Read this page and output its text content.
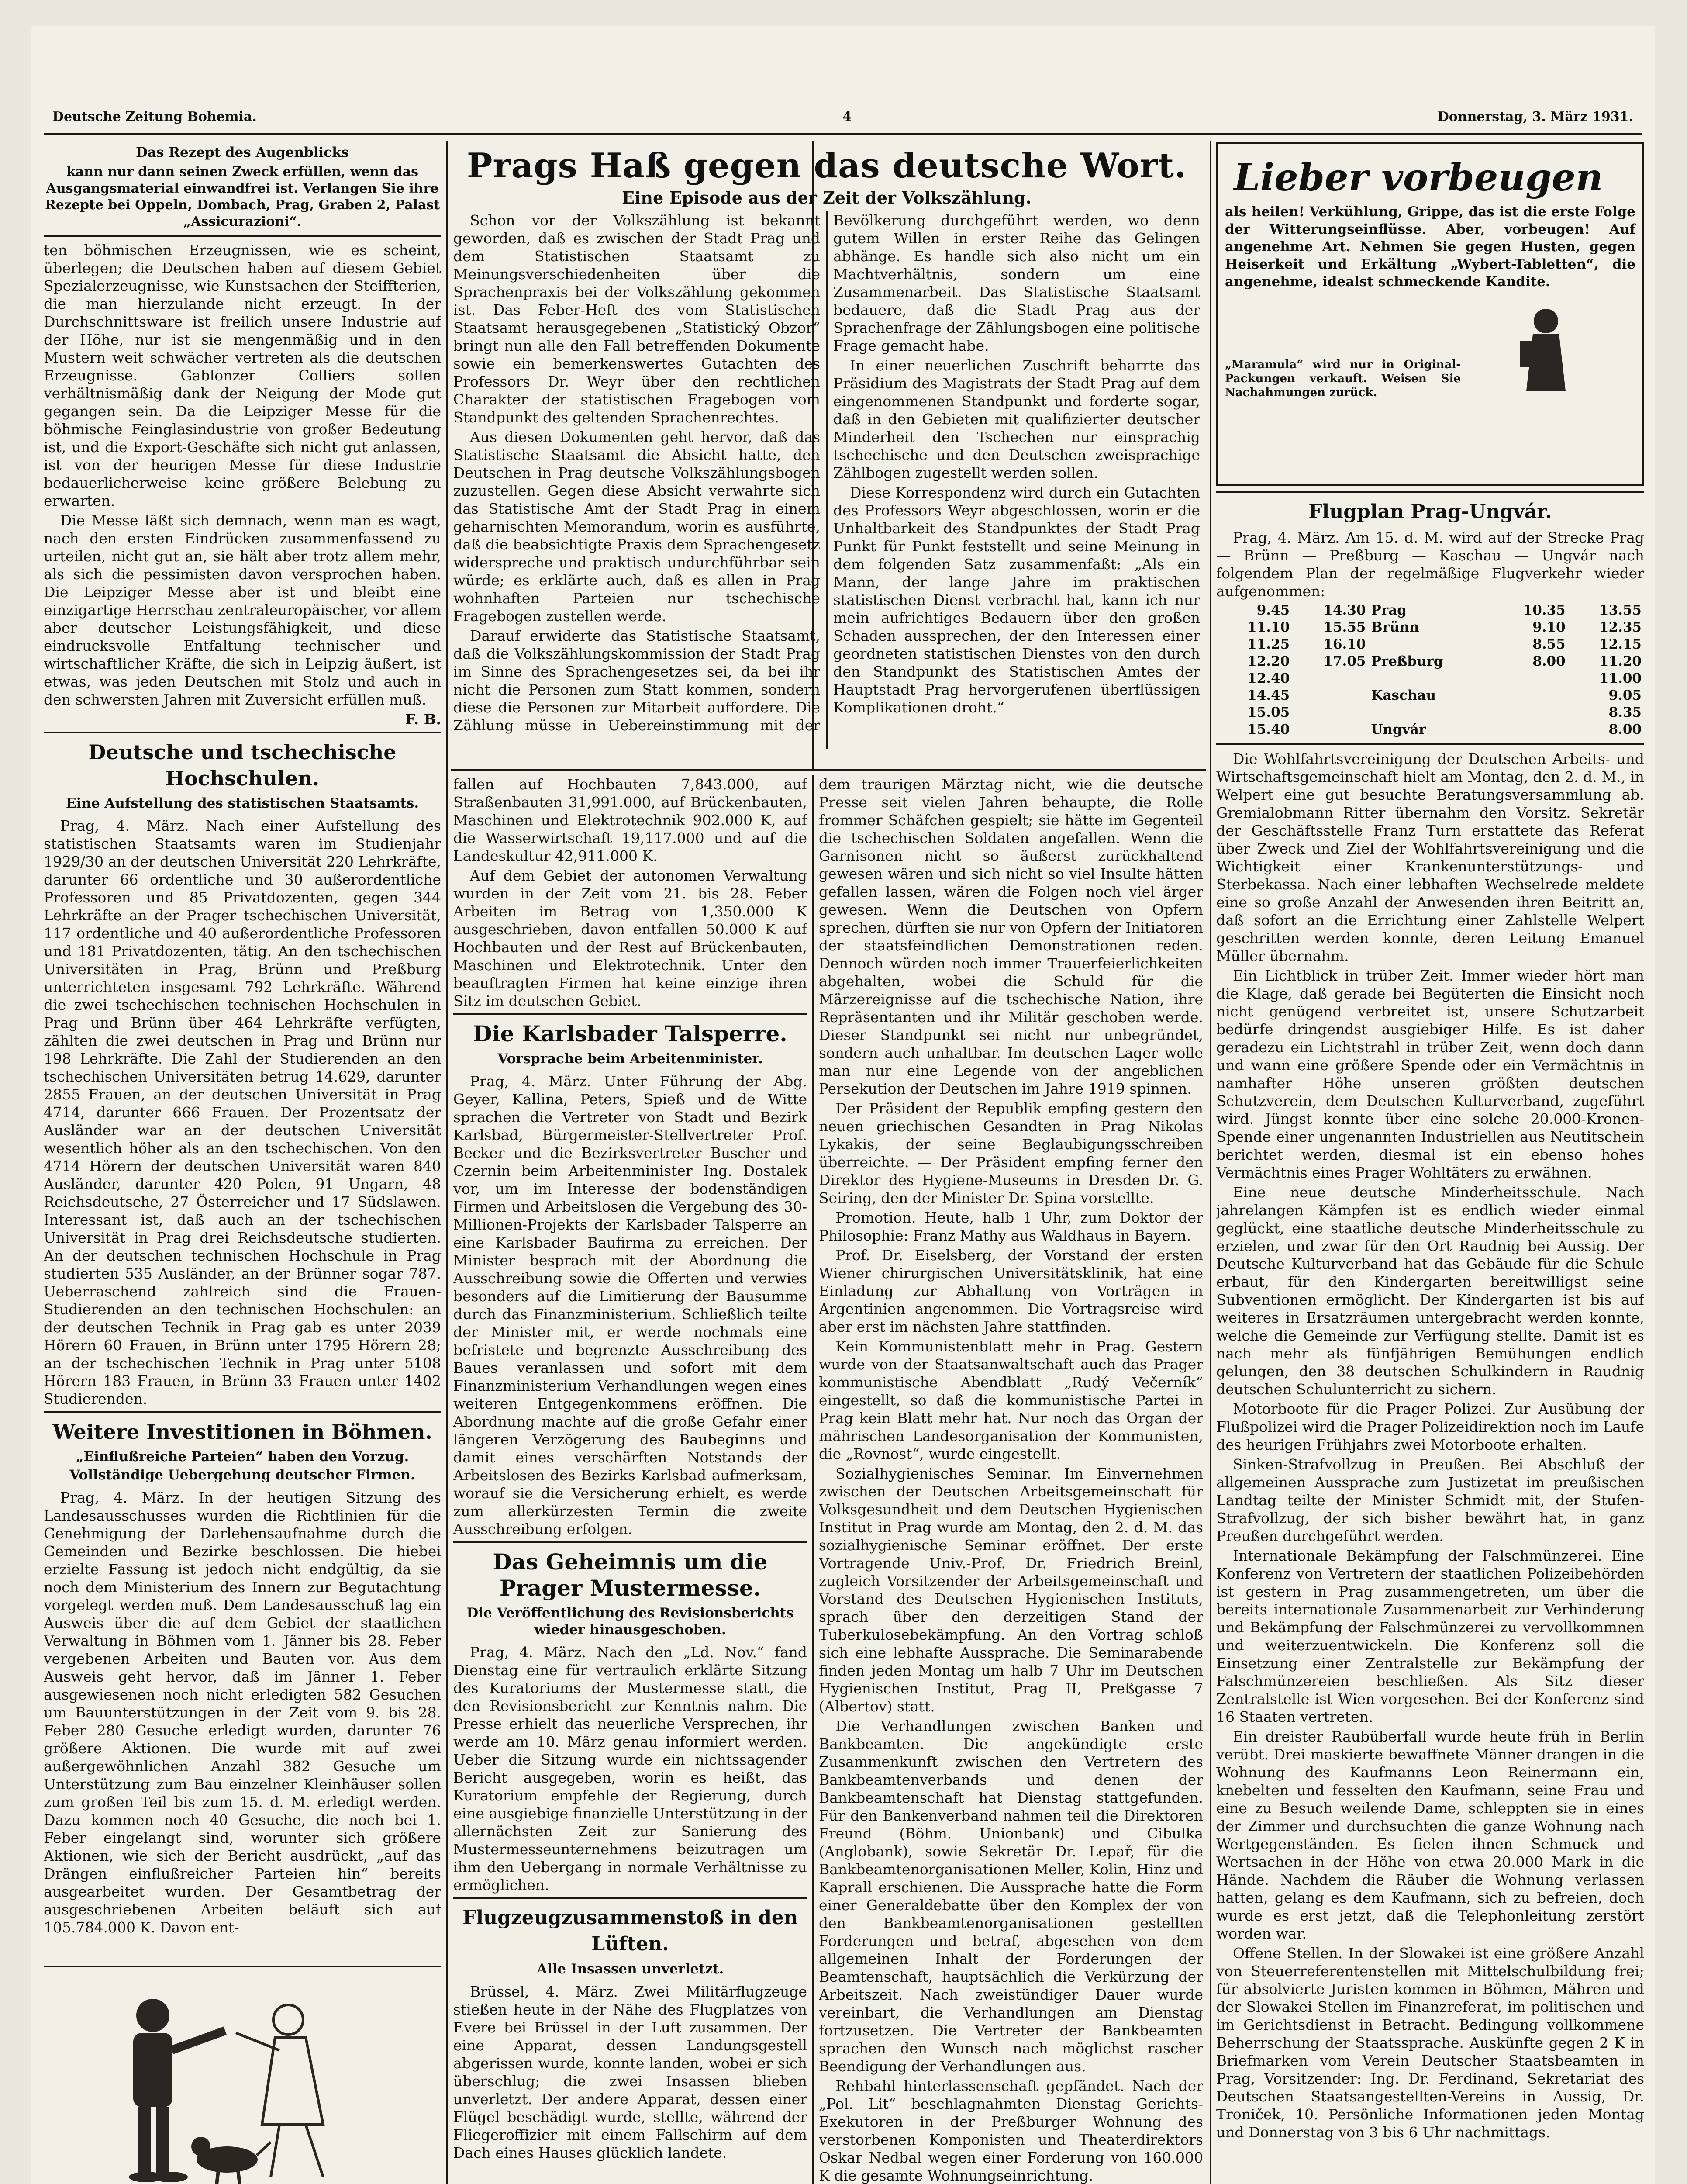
Deutsche Zeitung Bohemia.	4	Donnerstag, 3. März 1931.
Das Rezept des Augenblicks
kann nur dann seinen Zweck erfüllen, wenn das Ausgangsmaterial einwandfrei ist. Verlangen Sie ihre Rezepte bei Oppeln, Dombach, Prag, Graben 2, Palast „Assicurazioni“.

ten böhmischen Erzeugnissen, wie es scheint, überlegen; die Deutschen haben auf diesem Gebiet Spezialerzeugnisse, wie Kunstsachen der Steiffterien, die man hierzulande nicht erzeugt. In der Durchschnittsware ist freilich unsere Industrie auf der Höhe, nur ist sie mengenmäßig und in den Mustern weit schwächer vertreten als die deutschen Erzeugnisse. Gablonzer Colliers sollen verhältnismäßig dank der Neigung der Mode gut gegangen sein. Da die Leipziger Messe für die böhmische Feinglasindustrie von großer Bedeutung ist, und die Export-Geschäfte sich nicht gut anlassen, ist von der heurigen Messe für diese Industrie bedauerlicherweise keine größere Belebung zu erwarten.

Die Messe läßt sich demnach, wenn man es wagt, nach den ersten Eindrücken zusammenfassend zu urteilen, nicht gut an, sie hält aber trotz allem mehr, als sich die pessimisten davon versprochen haben. Die Leipziger Messe aber ist und bleibt eine einzigartige Herrschau zentraleuropäischer, vor allem aber deutscher Leistungsfähigkeit, und diese eindrucksvolle Entfaltung technischer und wirtschaftlicher Kräfte, die sich in Leipzig äußert, ist etwas, was jeden Deutschen mit Stolz und auch in den schwersten Jahren mit Zuversicht erfüllen muß.

F. B.
Deutsche und tschechische Hochschulen.
Eine Aufstellung des statistischen Staatsamts.

Prag, 4. März. Nach einer Aufstellung des statistischen Staatsamts waren im Studienjahr 1929/30 an der deutschen Universität 220 Lehrkräfte, darunter 66 ordentliche und 30 außerordentliche Professoren und 85 Privatdozenten, gegen 344 Lehrkräfte an der Prager tschechischen Universität, 117 ordentliche und 40 außerordentliche Professoren und 181 Privatdozenten, tätig. An den tschechischen Universitäten in Prag, Brünn und Preßburg unterrichteten insgesamt 792 Lehrkräfte. Während die zwei tschechischen technischen Hochschulen in Prag und Brünn über 464 Lehrkräfte verfügten, zählten die zwei deutschen in Prag und Brünn nur 198 Lehrkräfte. Die Zahl der Studierenden an den tschechischen Universitäten betrug 14.629, darunter 2855 Frauen, an der deutschen Universität in Prag 4714, darunter 666 Frauen. Der Prozentsatz der Ausländer war an der deutschen Universität wesentlich höher als an den tschechischen. Von den 4714 Hörern der deutschen Universität waren 840 Ausländer, darunter 420 Polen, 91 Ungarn, 48 Reichsdeutsche, 27 Österreicher und 17 Südslawen. Interessant ist, daß auch an der tschechischen Universität in Prag drei Reichsdeutsche studierten. An der deutschen technischen Hochschule in Prag studierten 535 Ausländer, an der Brünner sogar 787. Ueberraschend zahlreich sind die Frauen-Studierenden an den technischen Hochschulen: an der deutschen Technik in Prag gab es unter 2039 Hörern 60 Frauen, in Brünn unter 1795 Hörern 28; an der tschechischen Technik in Prag unter 5108 Hörern 183 Frauen, in Brünn 33 Frauen unter 1402 Studierenden.

Weitere Investitionen in Böhmen.
„Einflußreiche Parteien“ haben den Vorzug.
Vollständige Uebergehung deutscher Firmen.

Prag, 4. März. In der heutigen Sitzung des Landesausschusses wurden die Richtlinien für die Genehmigung der Darlehensaufnahme durch die Gemeinden und Bezirke beschlossen. Die hiebei erzielte Fassung ist jedoch nicht endgültig, da sie noch dem Ministerium des Innern zur Begutachtung vorgelegt werden muß. Dem Landesausschuß lag ein Ausweis über die auf dem Gebiet der staatlichen Verwaltung in Böhmen vom 1. Jänner bis 28. Feber vergebenen Arbeiten und Bauten vor. Aus dem Ausweis geht hervor, daß im Jänner 1. Feber ausgewiesenen noch nicht erledigten 582 Gesuchen um Bauunterstützungen in der Zeit vom 9. bis 28. Feber 280 Gesuche erledigt wurden, darunter 76 größere Aktionen. Die wurde mit auf zwei außergewöhnlichen Anzahl 382 Gesuche um Unterstützung zum Bau einzelner Kleinhäuser sollen zum großen Teil bis zum 15. d. M. erledigt werden. Dazu kommen noch 40 Gesuche, die noch bei 1. Feber eingelangt sind, worunter sich größere Aktionen, wie sich der Bericht ausdrückt, „auf das Drängen einflußreicher Parteien hin“ bereits ausgearbeitet wurden. Der Gesamtbetrag der ausgeschriebenen Arbeiten beläuft sich auf 105.784.000 K. Davon ent-

Prags Haß gegen das deutsche Wort.
Eine Episode aus der Zeit der Volkszählung.

Schon vor der Volkszählung ist bekannt geworden, daß es zwischen der Stadt Prag und dem Statistischen Staatsamt zu Meinungsverschiedenheiten über die Sprachenpraxis bei der Volkszählung gekommen ist. Das Feber-Heft des vom Statistischen Staatsamt herausgegebenen „Statistický Obzor“ bringt nun alle den Fall betreffenden Dokumente sowie ein bemerkenswertes Gutachten des Professors Dr. Weyr über den rechtlichen Charakter der statistischen Fragebogen vom Standpunkt des geltenden Sprachenrechtes.

Aus diesen Dokumenten geht hervor, daß das Statistische Staatsamt die Absicht hatte, den Deutschen in Prag deutsche Volkszählungsbogen zuzustellen. Gegen diese Absicht verwahrte sich das Statistische Amt der Stadt Prag in einem geharnischten Memorandum, worin es ausführte, daß die beabsichtigte Praxis dem Sprachengesetz widerspreche und praktisch undurchführbar sein würde; es erklärte auch, daß es allen in Prag wohnhaften Parteien nur tschechische Fragebogen zustellen werde.

Darauf erwiderte das Statistische Staatsamt, daß die Volkszählungskommission der Stadt Prag im Sinne des Sprachengesetzes sei, da bei ihr nicht die Personen zum Statt kommen, sondern diese die Personen zur Mitarbeit auffordere. Die Zählung müsse in Uebereinstimmung mit der Bevölkerung durchgeführt werden, wo denn gutem Willen in erster Reihe das Gelingen abhänge. Es handle sich also nicht um ein Machtverhältnis, sondern um eine Zusammenarbeit. Das Statistische Staatsamt bedauere, daß die Stadt Prag aus der Sprachenfrage der Zählungsbogen eine politische Frage gemacht habe.

In einer neuerlichen Zuschrift beharrte das Präsidium des Magistrats der Stadt Prag auf dem eingenommenen Standpunkt und forderte sogar, daß in den Gebieten mit qualifizierter deutscher Minderheit den Tschechen nur einsprachig tschechische und den Deutschen zweisprachige Zählbogen zugestellt werden sollen.

Diese Korrespondenz wird durch ein Gutachten des Professors Weyr abgeschlossen, worin er die Unhaltbarkeit des Standpunktes der Stadt Prag Punkt für Punkt feststellt und seine Meinung in dem folgenden Satz zusammenfaßt: „Als ein Mann, der lange Jahre im praktischen statistischen Dienst verbracht hat, kann ich nur mein aufrichtiges Bedauern über den großen Schaden aussprechen, der den Interessen einer geordneten statistischen Dienstes von den durch den Standpunkt des Statistischen Amtes der Hauptstadt Prag hervorgerufenen überflüssigen Komplikationen droht.“

fallen auf Hochbauten 7,843.000, auf Straßenbauten 31,991.000, auf Brückenbauten, Maschinen und Elektrotechnik 902.000 K, auf die Wasserwirtschaft 19,117.000 und auf die Landeskultur 42,911.000 K.

Auf dem Gebiet der autonomen Verwaltung wurden in der Zeit vom 21. bis 28. Feber Arbeiten im Betrag von 1,350.000 K ausgeschrieben, davon entfallen 50.000 K auf Hochbauten und der Rest auf Brückenbauten, Maschinen und Elektrotechnik. Unter den beauftragten Firmen hat keine einzige ihren Sitz im deutschen Gebiet.

Die Karlsbader Talsperre.
Vorsprache beim Arbeitenminister.

Prag, 4. März. Unter Führung der Abg. Geyer, Kallina, Peters, Spieß und de Witte sprachen die Vertreter von Stadt und Bezirk Karlsbad, Bürgermeister-Stellvertreter Prof. Becker und die Bezirksvertreter Buscher und Czernin beim Arbeitenminister Ing. Dostalek vor, um im Interesse der bodenständigen Firmen und Arbeitslosen die Vergebung des 30-Millionen-Projekts der Karlsbader Talsperre an eine Karlsbader Baufirma zu erreichen. Der Minister besprach mit der Abordnung die Ausschreibung sowie die Offerten und verwies besonders auf die Limitierung der Bausumme durch das Finanzministerium. Schließlich teilte der Minister mit, er werde nochmals eine befristete und begrenzte Ausschreibung des Baues veranlassen und sofort mit dem Finanzministerium Verhandlungen wegen eines weiteren Entgegenkommens eröffnen. Die Abordnung machte auf die große Gefahr einer längeren Verzögerung des Baubeginns und damit eines verschärften Notstands der Arbeitslosen des Bezirks Karlsbad aufmerksam, worauf sie die Versicherung erhielt, es werde zum allerkürzesten Termin die zweite Ausschreibung erfolgen.

Das Geheimnis um die Prager Mustermesse.
Die Veröffentlichung des Revisionsberichts wieder hinausgeschoben.

Prag, 4. März. Nach den „Ld. Nov.“ fand Dienstag eine für vertraulich erklärte Sitzung des Kuratoriums der Mustermesse statt, die den Revisionsbericht zur Kenntnis nahm. Die Presse erhielt das neuerliche Versprechen, ihr werde am 10. März genau informiert werden. Ueber die Sitzung wurde ein nichtssagender Bericht ausgegeben, worin es heißt, das Kuratorium empfehle der Regierung, durch eine ausgiebige finanzielle Unterstützung in der allernächsten Zeit zur Sanierung des Mustermesseunternehmens beizutragen um ihm den Uebergang in normale Verhältnisse zu ermöglichen.

Flugzeugzusammenstoß in den Lüften.
Alle Insassen unverletzt.

Brüssel, 4. März. Zwei Militärflugzeuge stießen heute in der Nähe des Flugplatzes von Evere bei Brüssel in der Luft zusammen. Der eine Apparat, dessen Landungsgestell abgerissen wurde, konnte landen, wobei er sich überschlug; die zwei Insassen blieben unverletzt. Der andere Apparat, dessen einer Flügel beschädigt wurde, stellte, während der Fliegeroffizier mit einem Fallschirm auf dem Dach eines Hauses glücklich landete.

dem traurigen Märztag nicht, wie die deutsche Presse seit vielen Jahren behaupte, die Rolle frommer Schäfchen gespielt; sie hätte im Gegenteil die tschechischen Soldaten angefallen. Wenn die Garnisonen nicht so äußerst zurückhaltend gewesen wären und sich nicht so viel Insulte hätten gefallen lassen, wären die Folgen noch viel ärger gewesen. Wenn die Deutschen von Opfern sprechen, dürften sie nur von Opfern der Initiatoren der staatsfeindlichen Demonstrationen reden. Dennoch würden noch immer Trauerfeierlichkeiten abgehalten, wobei die Schuld für die Märzereignisse auf die tschechische Nation, ihre Repräsentanten und ihr Militär geschoben werde. Dieser Standpunkt sei nicht nur unbegründet, sondern auch unhaltbar. Im deutschen Lager wolle man nur eine Legende von der angeblichen Persekution der Deutschen im Jahre 1919 spinnen.

Der Präsident der Republik empfing gestern den neuen griechischen Gesandten in Prag Nikolas Lykakis, der seine Beglaubigungsschreiben überreichte. — Der Präsident empfing ferner den Direktor des Hygiene-Museums in Dresden Dr. G. Seiring, den der Minister Dr. Spina vorstellte.

Promotion. Heute, halb 1 Uhr, zum Doktor der Philosophie: Franz Mathy aus Waldhaus in Bayern.

Prof. Dr. Eiselsberg, der Vorstand der ersten Wiener chirurgischen Universitätsklinik, hat eine Einladung zur Abhaltung von Vorträgen in Argentinien angenommen. Die Vortragsreise wird aber erst im nächsten Jahre stattfinden.

Kein Kommunistenblatt mehr in Prag. Gestern wurde von der Staatsanwaltschaft auch das Prager kommunistische Abendblatt „Rudý Večerník“ eingestellt, so daß die kommunistische Partei in Prag kein Blatt mehr hat. Nur noch das Organ der mährischen Landesorganisation der Kommunisten, die „Rovnost“, wurde eingestellt.

Sozialhygienisches Seminar. Im Einvernehmen zwischen der Deutschen Arbeitsgemeinschaft für Volksgesundheit und dem Deutschen Hygienischen Institut in Prag wurde am Montag, den 2. d. M. das sozialhygienische Seminar eröffnet. Der erste Vortragende Univ.-Prof. Dr. Friedrich Breinl, zugleich Vorsitzender der Arbeitsgemeinschaft und Vorstand des Deutschen Hygienischen Instituts, sprach über den derzeitigen Stand der Tuberkulosebekämpfung. An den Vortrag schloß sich eine lebhafte Aussprache. Die Seminarabende finden jeden Montag um halb 7 Uhr im Deutschen Hygienischen Institut, Prag II, Preßgasse 7 (Albertov) statt.

Die Verhandlungen zwischen Banken und Bankbeamten. Die angekündigte erste Zusammenkunft zwischen den Vertretern des Bankbeamtenverbands und denen der Bankbeamtenschaft hat Dienstag stattgefunden. Für den Bankenverband nahmen teil die Direktoren Freund (Böhm. Unionbank) und Cibulka (Anglobank), sowie Sekretär Dr. Lepař, für die Bankbeamtenorganisationen Meller, Kolin, Hinz und Kaprall erschienen. Die Aussprache hatte die Form einer Generaldebatte über den Komplex der von den Bankbeamtenorganisationen gestellten Forderungen und betraf, abgesehen von dem allgemeinen Inhalt der Forderungen der Beamtenschaft, hauptsächlich die Verkürzung der Arbeitszeit. Nach zweistündiger Dauer wurde vereinbart, die Verhandlungen am Dienstag fortzusetzen. Die Vertreter der Bankbeamten sprachen den Wunsch nach möglichst rascher Beendigung der Verhandlungen aus.

Rehbahl hinterlassenschaft gepfändet. Nach der „Pol. Lit“ beschlagnahmten Dienstag Gerichts-Exekutoren in der Preßburger Wohnung des verstorbenen Komponisten und Theaterdirektors Oskar Nedbal wegen einer Forderung von 160.000 K die gesamte Wohnungseinrichtung.

Lieber vorbeugen
als heilen! Verkühlung, Grippe, das ist die erste Folge der Witterungseinflüsse. Aber, vorbeugen! Auf angenehme Art. Nehmen Sie gegen Husten, gegen Heiserkeit und Erkältung „Wybert-Tabletten“, die angenehme, idealst schmeckende Kandite.
„Maramula“ wird nur in Original-Packungen verkauft. Weisen Sie Nachahmungen zurück.
Flugplan Prag-Ungvár.

Prag, 4. März. Am 15. d. M. wird auf der Strecke Prag — Brünn — Preßburg — Kaschau — Ungvár nach folgendem Plan der regelmäßige Flugverkehr wieder aufgenommen:

9.45	14.30	Prag	10.35	13.55
11.10	15.55	Brünn	9.10	12.35
11.25	16.10		8.55	12.15
12.20	17.05	Preßburg	8.00	11.20
12.40				11.00
14.45		Kaschau		9.05
15.05				8.35
15.40		Ungvár		8.00

Die Wohlfahrtsvereinigung der Deutschen Arbeits- und Wirtschaftsgemeinschaft hielt am Montag, den 2. d. M., in Welpert eine gut besuchte Beratungsversammlung ab. Gremialobmann Ritter übernahm den Vorsitz. Sekretär der Geschäftsstelle Franz Turn erstattete das Referat über Zweck und Ziel der Wohlfahrtsvereinigung und die Wichtigkeit einer Krankenunterstützungs- und Sterbekassa. Nach einer lebhaften Wechselrede meldete eine so große Anzahl der Anwesenden ihren Beitritt an, daß sofort an die Errichtung einer Zahlstelle Welpert geschritten werden konnte, deren Leitung Emanuel Müller übernahm.

Ein Lichtblick in trüber Zeit. Immer wieder hört man die Klage, daß gerade bei Begüterten die Einsicht noch nicht genügend verbreitet ist, unsere Schutzarbeit bedürfe dringendst ausgiebiger Hilfe. Es ist daher geradezu ein Lichtstrahl in trüber Zeit, wenn doch dann und wann eine größere Spende oder ein Vermächtnis in namhafter Höhe unseren größten deutschen Schutzverein, dem Deutschen Kulturverband, zugeführt wird. Jüngst konnte über eine solche 20.000-Kronen-Spende einer ungenannten Industriellen aus Neutitschein berichtet werden, diesmal ist ein ebenso hohes Vermächtnis eines Prager Wohltäters zu erwähnen.

Eine neue deutsche Minderheitsschule. Nach jahrelangen Kämpfen ist es endlich wieder einmal geglückt, eine staatliche deutsche Minderheitsschule zu erzielen, und zwar für den Ort Raudnig bei Aussig. Der Deutsche Kulturverband hat das Gebäude für die Schule erbaut, für den Kindergarten bereitwilligst seine Subventionen ermöglicht. Der Kindergarten ist bis auf weiteres in Ersatzräumen untergebracht werden konnte, welche die Gemeinde zur Verfügung stellte. Damit ist es nach mehr als fünfjährigen Bemühungen endlich gelungen, den 38 deutschen Schulkindern in Raudnig deutschen Schulunterricht zu sichern.

Motorboote für die Prager Polizei. Zur Ausübung der Flußpolizei wird die Prager Polizeidirektion noch im Laufe des heurigen Frühjahrs zwei Motorboote erhalten.

Sinken-Strafvollzug in Preußen. Bei Abschluß der allgemeinen Aussprache zum Justizetat im preußischen Landtag teilte der Minister Schmidt mit, der Stufen-Strafvollzug, der sich bisher bewährt hat, in ganz Preußen durchgeführt werden.

Internationale Bekämpfung der Falschmünzerei. Eine Konferenz von Vertretern der staatlichen Polizeibehörden ist gestern in Prag zusammengetreten, um über die bereits internationale Zusammenarbeit zur Verhinderung und Bekämpfung der Falschmünzerei zu vervollkommnen und weiterzuentwickeln. Die Konferenz soll die Einsetzung einer Zentralstelle zur Bekämpfung der Falschmünzereien beschließen. Als Sitz dieser Zentralstelle ist Wien vorgesehen. Bei der Konferenz sind 16 Staaten vertreten.

Ein dreister Raubüberfall wurde heute früh in Berlin verübt. Drei maskierte bewaffnete Männer drangen in die Wohnung des Kaufmanns Leon Reinermann ein, knebelten und fesselten den Kaufmann, seine Frau und eine zu Besuch weilende Dame, schleppten sie in eines der Zimmer und durchsuchten die ganze Wohnung nach Wertgegenständen. Es fielen ihnen Schmuck und Wertsachen in der Höhe von etwa 20.000 Mark in die Hände. Nachdem die Räuber die Wohnung verlassen hatten, gelang es dem Kaufmann, sich zu befreien, doch wurde es erst jetzt, daß die Telephonleitung zerstört worden war.

Offene Stellen. In der Slowakei ist eine größere Anzahl von Steuerreferentenstellen mit Mittelschulbildung frei; für absolvierte Juristen kommen in Böhmen, Mähren und der Slowakei Stellen im Finanzreferat, im politischen und im Gerichtsdienst in Betracht. Bedingung vollkommene Beherrschung der Staatssprache. Auskünfte gegen 2 K in Briefmarken vom Verein Deutscher Staatsbeamten in Prag, Vorsitzender: Ing. Dr. Ferdinand, Sekretariat des Deutschen Staatsangestellten-Vereins in Aussig, Dr. Troniček, 10. Persönliche Informationen jeden Montag und Donnerstag von 3 bis 6 Uhr nachmittags.
